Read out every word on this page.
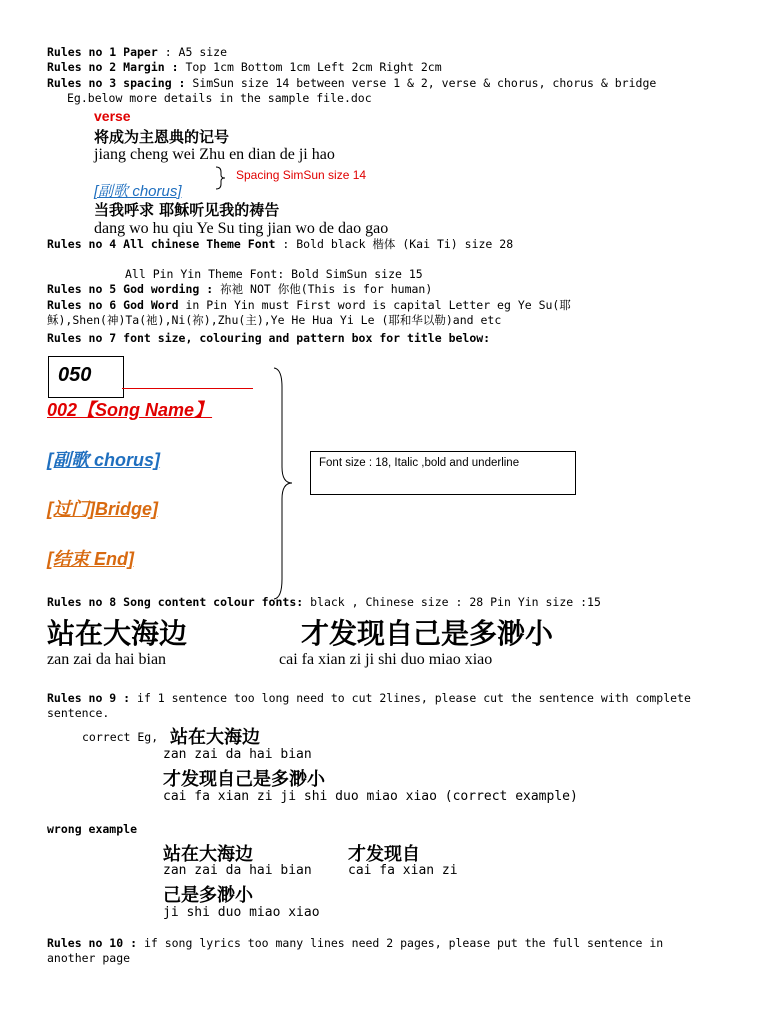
Rules no 1 Paper : A5 size
Rules no 2 Margin : Top 1cm Bottom 1cm Left 2cm Right 2cm
Rules no 3 spacing : SimSun size 14 between verse 1 & 2, verse & chorus, chorus & bridge
Eg.below more details in the sample file.doc
verse
将成为主恩典的记号
jiang cheng wei Zhu en dian de ji hao
[副歌 chorus]
Spacing SimSun size 14
当我呼求 耶稣听见我的祷告
dang wo hu qiu Ye Su ting jian wo de dao gao
Rules no 4 All chinese Theme Font : Bold black 楷体 (Kai Ti) size 28
All Pin Yin Theme Font: Bold SimSun size 15
Rules no 5 God wording : 祢祂 NOT 你他(This is for human)
Rules no 6 God Word in Pin Yin must First word is capital Letter eg Ye Su(耶
稣),Shen(神)Ta(祂),Ni(祢),Zhu(主),Ye He Hua Yi Le (耶和华以勒)and etc
Rules no 7 font size, colouring and pattern box for title below:
050
002【Song Name】
[副歌 chorus]
[过门]Bridge]
[结束 End]
Font size : 18, Italic ,bold and underline
Rules no 8 Song content colour fonts: black , Chinese size : 28 Pin Yin size :15
站在大海边	才发现自己是多渺小
zan zai da hai bian	cai fa xian zi ji shi duo miao xiao
Rules no 9 : if 1 sentence too long need to cut 2lines, please cut the sentence with complete
sentence.
correct Eg, 站在大海边
zan zai da hai bian
才发现自己是多渺小
cai fa xian zi ji shi duo miao xiao (correct example)
wrong example
站在大海边	才发现自
zan zai da hai bian	cai fa xian zi
己是多渺小
ji shi duo miao xiao
Rules no 10 : if song lyrics too many lines need 2 pages, please put the full sentence in
another page
